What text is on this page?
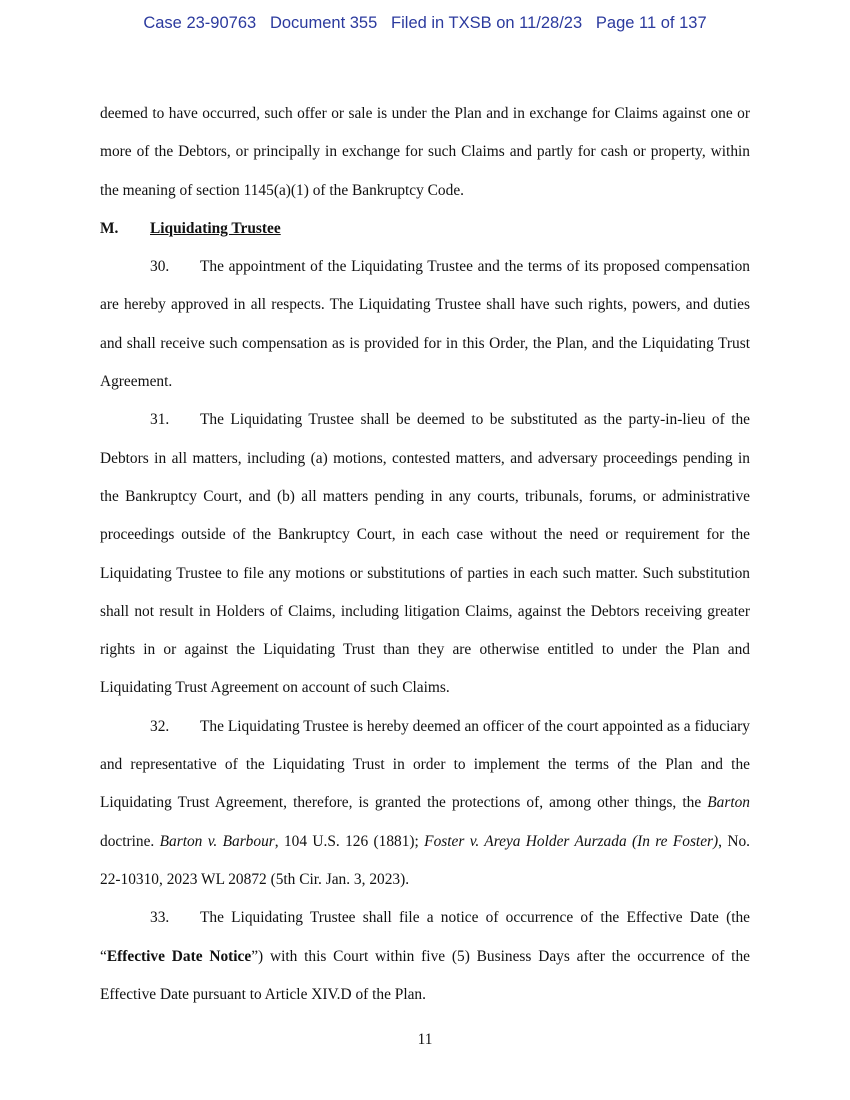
Case 23-90763 Document 355 Filed in TXSB on 11/28/23 Page 11 of 137

deemed to have occurred, such offer or sale is under the Plan and in exchange for Claims against one or more of the Debtors, or principally in exchange for such Claims and partly for cash or property, within the meaning of section 1145(a)(1) of the Bankruptcy Code.

M. Liquidating Trustee

30. The appointment of the Liquidating Trustee and the terms of its proposed compensation are hereby approved in all respects. The Liquidating Trustee shall have such rights, powers, and duties and shall receive such compensation as is provided for in this Order, the Plan, and the Liquidating Trust Agreement.

31. The Liquidating Trustee shall be deemed to be substituted as the party-in-lieu of the Debtors in all matters, including (a) motions, contested matters, and adversary proceedings pending in the Bankruptcy Court, and (b) all matters pending in any courts, tribunals, forums, or administrative proceedings outside of the Bankruptcy Court, in each case without the need or requirement for the Liquidating Trustee to file any motions or substitutions of parties in each such matter. Such substitution shall not result in Holders of Claims, including litigation Claims, against the Debtors receiving greater rights in or against the Liquidating Trust than they are otherwise entitled to under the Plan and Liquidating Trust Agreement on account of such Claims.

32. The Liquidating Trustee is hereby deemed an officer of the court appointed as a fiduciary and representative of the Liquidating Trust in order to implement the terms of the Plan and the Liquidating Trust Agreement, therefore, is granted the protections of, among other things, the Barton doctrine. Barton v. Barbour, 104 U.S. 126 (1881); Foster v. Areya Holder Aurzada (In re Foster), No. 22-10310, 2023 WL 20872 (5th Cir. Jan. 3, 2023).

33. The Liquidating Trustee shall file a notice of occurrence of the Effective Date (the “Effective Date Notice”) with this Court within five (5) Business Days after the occurrence of the Effective Date pursuant to Article XIV.D of the Plan.

11
